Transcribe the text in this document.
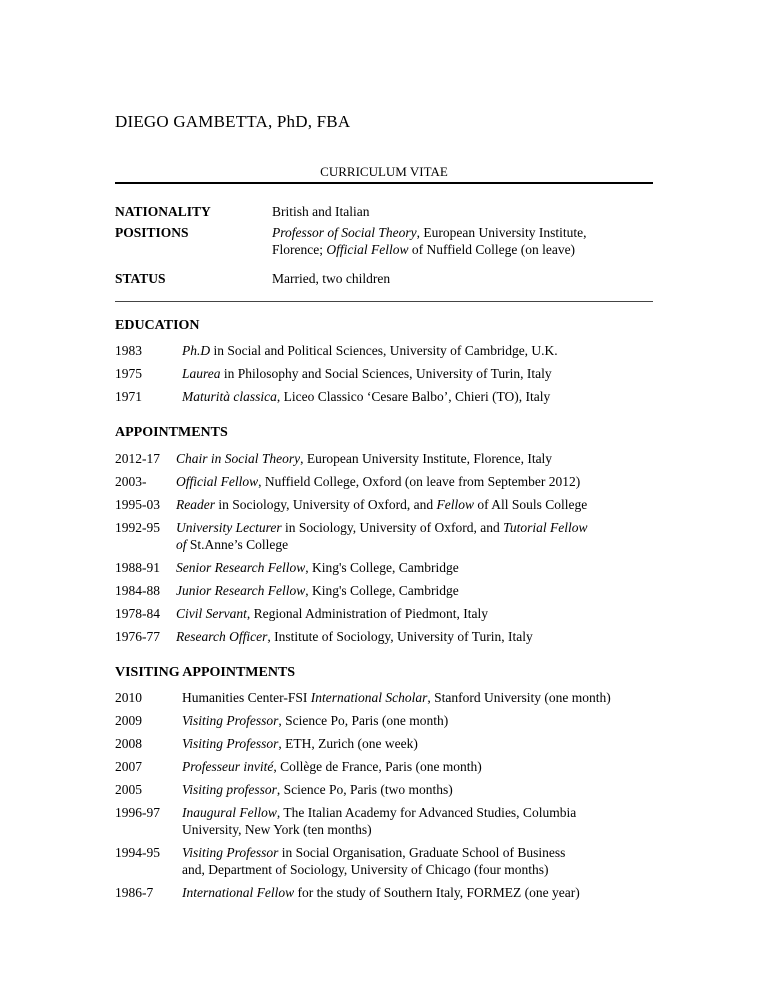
DIEGO GAMBETTA, PhD, FBA
CURRICULUM VITAE
NATIONALITY	British and Italian
POSITIONS	Professor of Social Theory, European University Institute,
Florence; Official Fellow of Nuffield College (on leave)
STATUS	Married, two children
EDUCATION
1983	Ph.D in Social and Political Sciences, University of Cambridge, U.K.
1975	Laurea in Philosophy and Social Sciences, University of Turin, Italy
1971	Maturità classica, Liceo Classico ‘Cesare Balbo’, Chieri (TO), Italy
APPOINTMENTS
2012-17 Chair in Social Theory, European University Institute, Florence, Italy
2003- Official Fellow, Nuffield College, Oxford (on leave from September 2012)
1995-03 Reader in Sociology, University of Oxford, and Fellow of All Souls College
1992-95 University Lecturer in Sociology, University of Oxford, and Tutorial Fellow
of St.Anne’s College
1988-91 Senior Research Fellow, King's College, Cambridge
1984-88 Junior Research Fellow, King's College, Cambridge
1978-84 Civil Servant, Regional Administration of Piedmont, Italy
1976-77 Research Officer, Institute of Sociology, University of Turin, Italy
VISITING APPOINTMENTS
2010	Humanities Center-FSI International Scholar, Stanford University (one month)
2009	Visiting Professor, Science Po, Paris (one month)
2008	Visiting Professor, ETH, Zurich (one week)
2007	Professeur invité, Collège de France, Paris (one month)
2005	Visiting professor, Science Po, Paris (two months)
1996-97 Inaugural Fellow, The Italian Academy for Advanced Studies, Columbia
University, New York (ten months)
1994-95 Visiting Professor in Social Organisation, Graduate School of Business
and, Department of Sociology, University of Chicago (four months)
1986-7 International Fellow for the study of Southern Italy, FORMEZ (one year)
